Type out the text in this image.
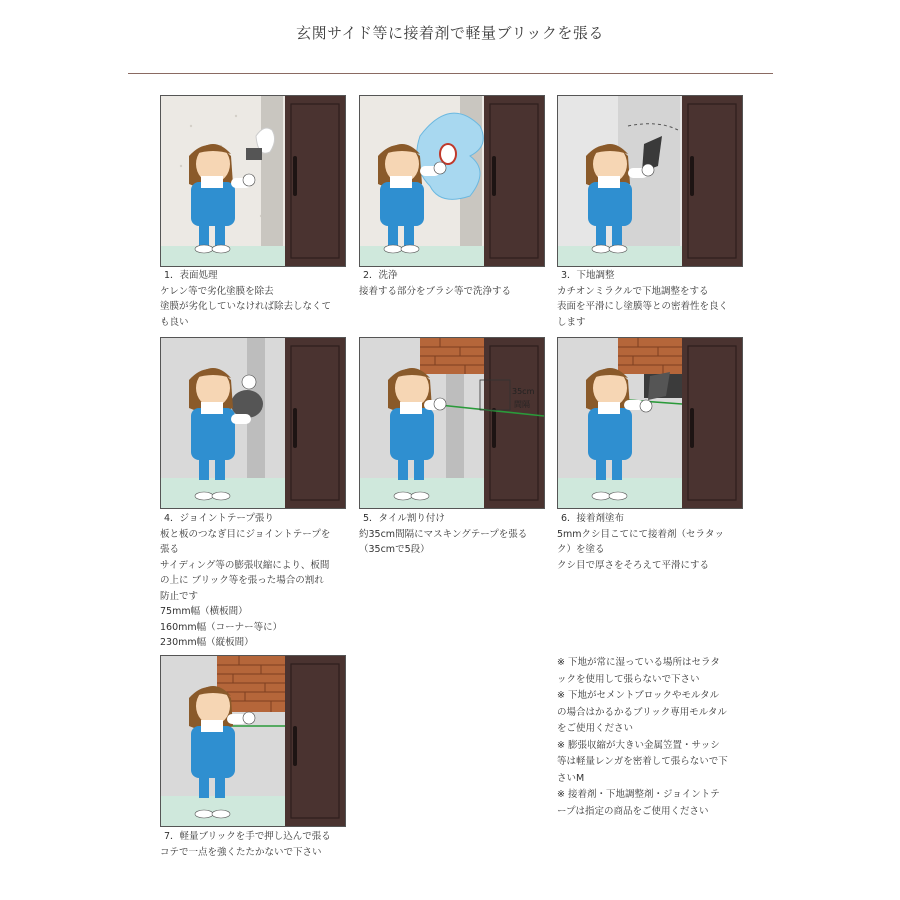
玄関サイド等に接着剤で軽量ブリックを張る
35cm
間隔
1．表面処理
ケレン等で劣化塗膜を除去
塗膜が劣化していなければ除去しなくて
も良い
2．洗浄
接着する部分をブラシ等で洗浄する
3．下地調整
カチオンミラクルで下地調整をする
表面を平滑にし塗膜等との密着性を良く
します
4．ジョイントテープ張り
板と板のつなぎ目にジョイントテープを
張る
サイディング等の膨張収縮により、板間
の上に ブリック等を張った場合の割れ
防止です
75mm幅（横板間）
160mm幅（コーナー等に）
230mm幅（縦板間）
5．タイル割り付け
約35cm間隔にマスキングテープを張る
（35cmで5段）
6．接着剤塗布
5mmクシ目こてにて接着剤（セラタッ
ク）を塗る
クシ目で厚さをそろえて平滑にする
7．軽量ブリックを手で押し込んで張る
コテで一点を強くたたかないで下さい
※ 下地が常に湿っている場所はセラタ
ックを使用して張らないで下さい
※ 下地がセメントブロックやモルタル
の場合はかるかるブリック専用モルタル
をご使用ください
※ 膨張収縮が大きい金属笠置・サッシ
等は軽量レンガを密着して張らないで下
さいM
※ 接着剤・下地調整剤・ジョイントテ
ープは指定の商品をご使用ください
